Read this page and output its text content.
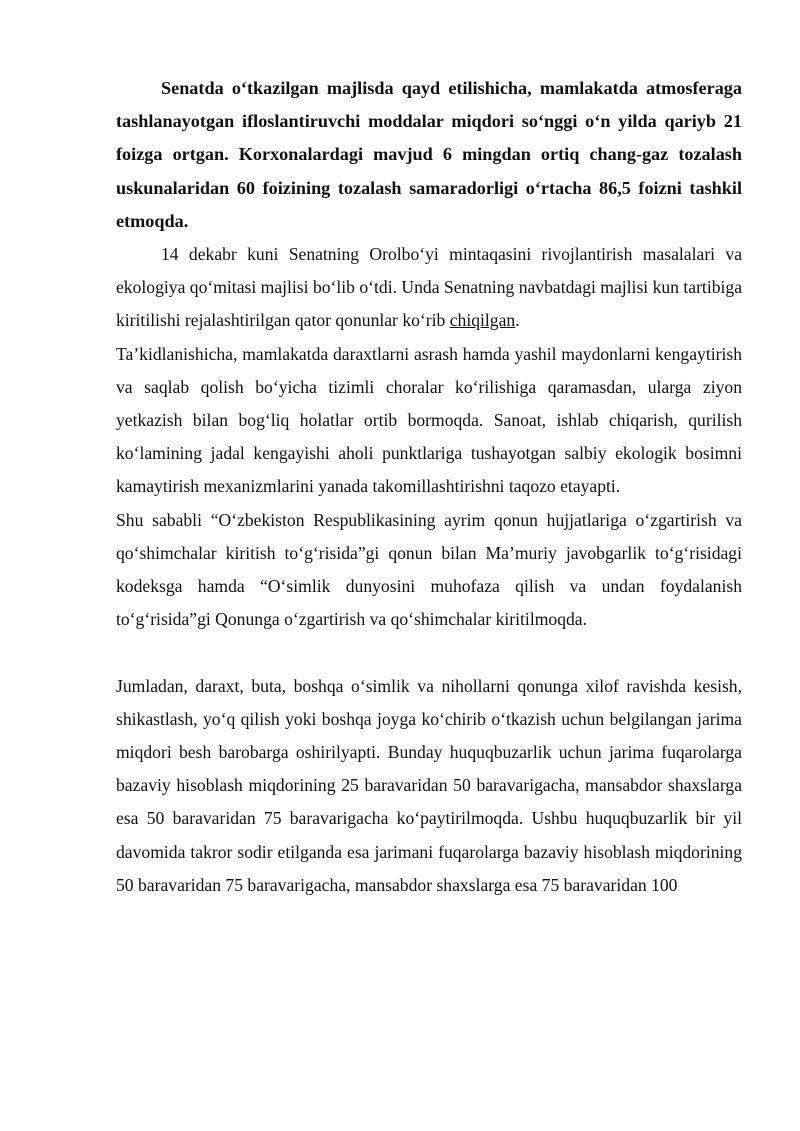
Senatda o‘tkazilgan majlisda qayd etilishicha, mamlakatda atmosferaga tashlanayotgan ifloslantiruvchi moddalar miqdori so‘nggi o‘n yilda qariyb 21 foizga ortgan. Korxonalardagi mavjud 6 mingdan ortiq chang-gaz tozalash uskunalaridan 60 foizining tozalash samaradorligi o‘rtacha 86,5 foizni tashkil etmoqda.

14 dekabr kuni Senatning Orolbo‘yi mintaqasini rivojlantirish masalalari va ekologiya qo‘mitasi majlisi bo‘lib o‘tdi. Unda Senatning navbatdagi majlisi kun tartibiga kiritilishi rejalashtirilgan qator qonunlar ko‘rib chiqilgan.

Ta’kidlanishicha, mamlakatda daraxtlarni asrash hamda yashil maydonlarni kengaytirish va saqlab qolish bo‘yicha tizimli choralar ko‘rilishiga qaramasdan, ularga ziyon yetkazish bilan bog‘liq holatlar ortib bormoqda. Sanoat, ishlab chiqarish, qurilish ko‘lamining jadal kengayishi aholi punktlariga tushayotgan salbiy ekologik bosimni kamaytirish mexanizmlarini yanada takomillashtirishni taqozo etayapti.

Shu sababli “O‘zbekiston Respublikasining ayrim qonun hujjatlariga o‘zgartirish va qo‘shimchalar kiritish to‘g‘risida”gi qonun bilan Ma’muriy javobgarlik to‘g‘risidagi kodeksga hamda “O‘simlik dunyosini muhofaza qilish va undan foydalanish to‘g‘risida”gi Qonunga o‘zgartirish va qo‘shimchalar kiritilmoqda.

Jumladan, daraxt, buta, boshqa o‘simlik va nihollarni qonunga xilof ravishda kesish, shikastlash, yo‘q qilish yoki boshqa joyga ko‘chirib o‘tkazish uchun belgilangan jarima miqdori besh barobarga oshirilyapti. Bunday huquqbuzarlik uchun jarima fuqarolarga bazaviy hisoblash miqdorining 25 baravaridan 50 baravarigacha, mansabdor shaxslarga esa 50 baravaridan 75 baravarigacha ko‘paytirilmoqda. Ushbu huquqbuzarlik bir yil davomida takror sodir etilganda esa jarimani fuqarolarga bazaviy hisoblash miqdorining 50 baravaridan 75 baravarigacha, mansabdor shaxslarga esa 75 baravaridan 100
